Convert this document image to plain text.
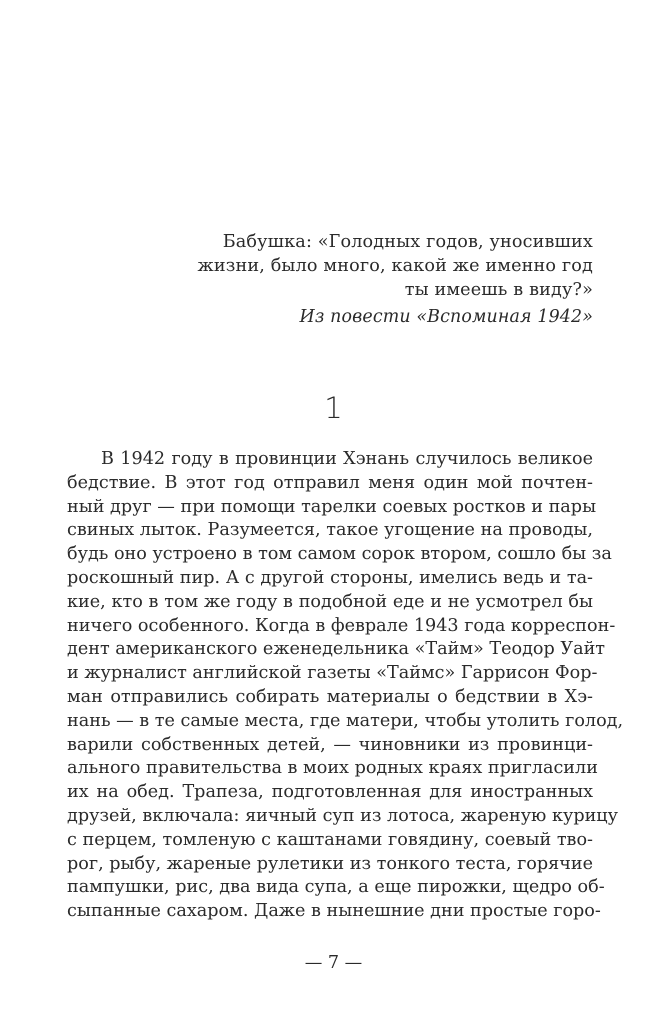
Бабушка: «Голодных годов, уносивших
жизни, было много, какой же именно год
ты имеешь в виду?»
Из повести «Вспоминая 1942»
1
В 1942 году в провинции Хэнань случилось великое
бедствие. В этот год отправил меня один мой почтен-
ный друг — при помощи тарелки соевых ростков и пары
свиных лыток. Разумеется, такое угощение на проводы,
будь оно устроено в том самом сорок втором, сошло бы за
роскошный пир. А с другой стороны, имелись ведь и та-
кие, кто в том же году в подобной еде и не усмотрел бы
ничего особенного. Когда в феврале 1943 года корреспон-
дент американского еженедельника «Тайм» Теодор Уайт
и журналист английской газеты «Таймс» Гаррисон Фор-
ман отправились собирать материалы о бедствии в Хэ-
нань — в те самые места, где матери, чтобы утолить голод,
варили собственных детей, — чиновники из провинци-
ального правительства в моих родных краях пригласили
их на обед. Трапеза, подготовленная для иностранных
друзей, включала: яичный суп из лотоса, жареную курицу
с перцем, томленую с каштанами говядину, соевый тво-
рог, рыбу, жареные рулетики из тонкого теста, горячие
пампушки, рис, два вида супа, а еще пирожки, щедро об-
сыпанные сахаром. Даже в нынешние дни простые горо-
— 7 —
